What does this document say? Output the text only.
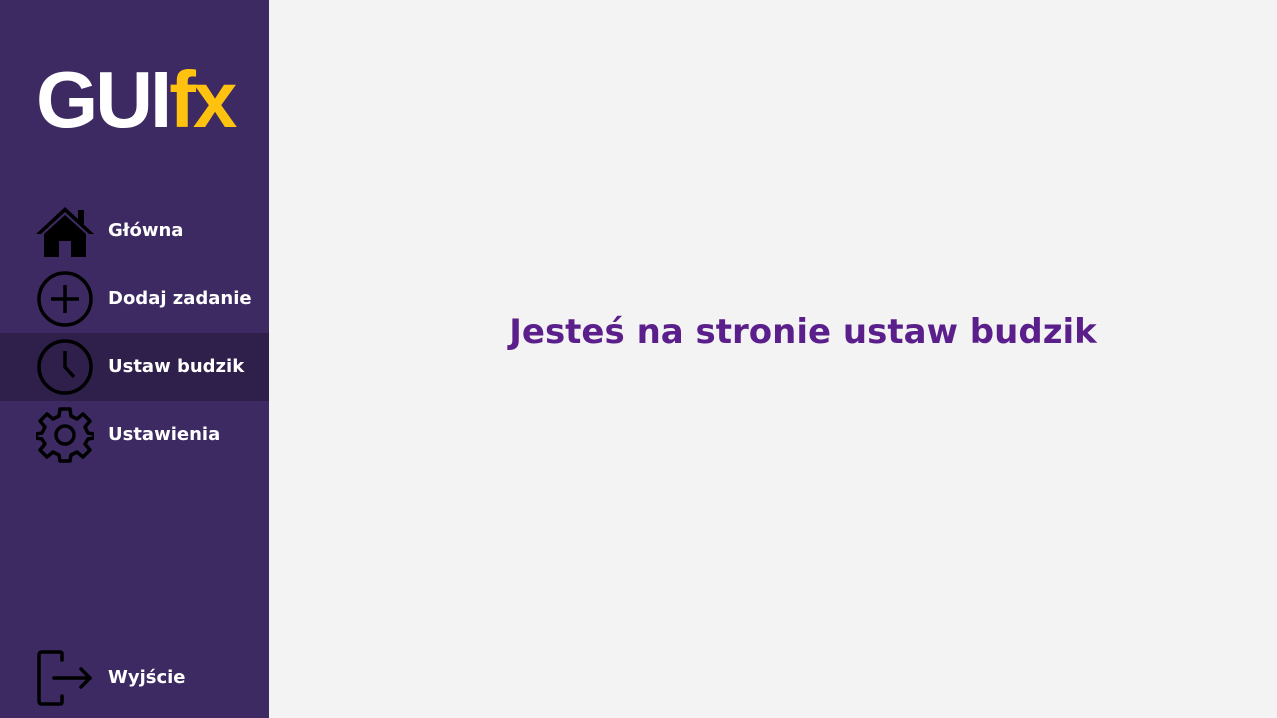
GUIfx
Główna
Dodaj zadanie
Ustaw budzik
Ustawienia
Wyjście
Jesteś na stronie ustaw budzik
